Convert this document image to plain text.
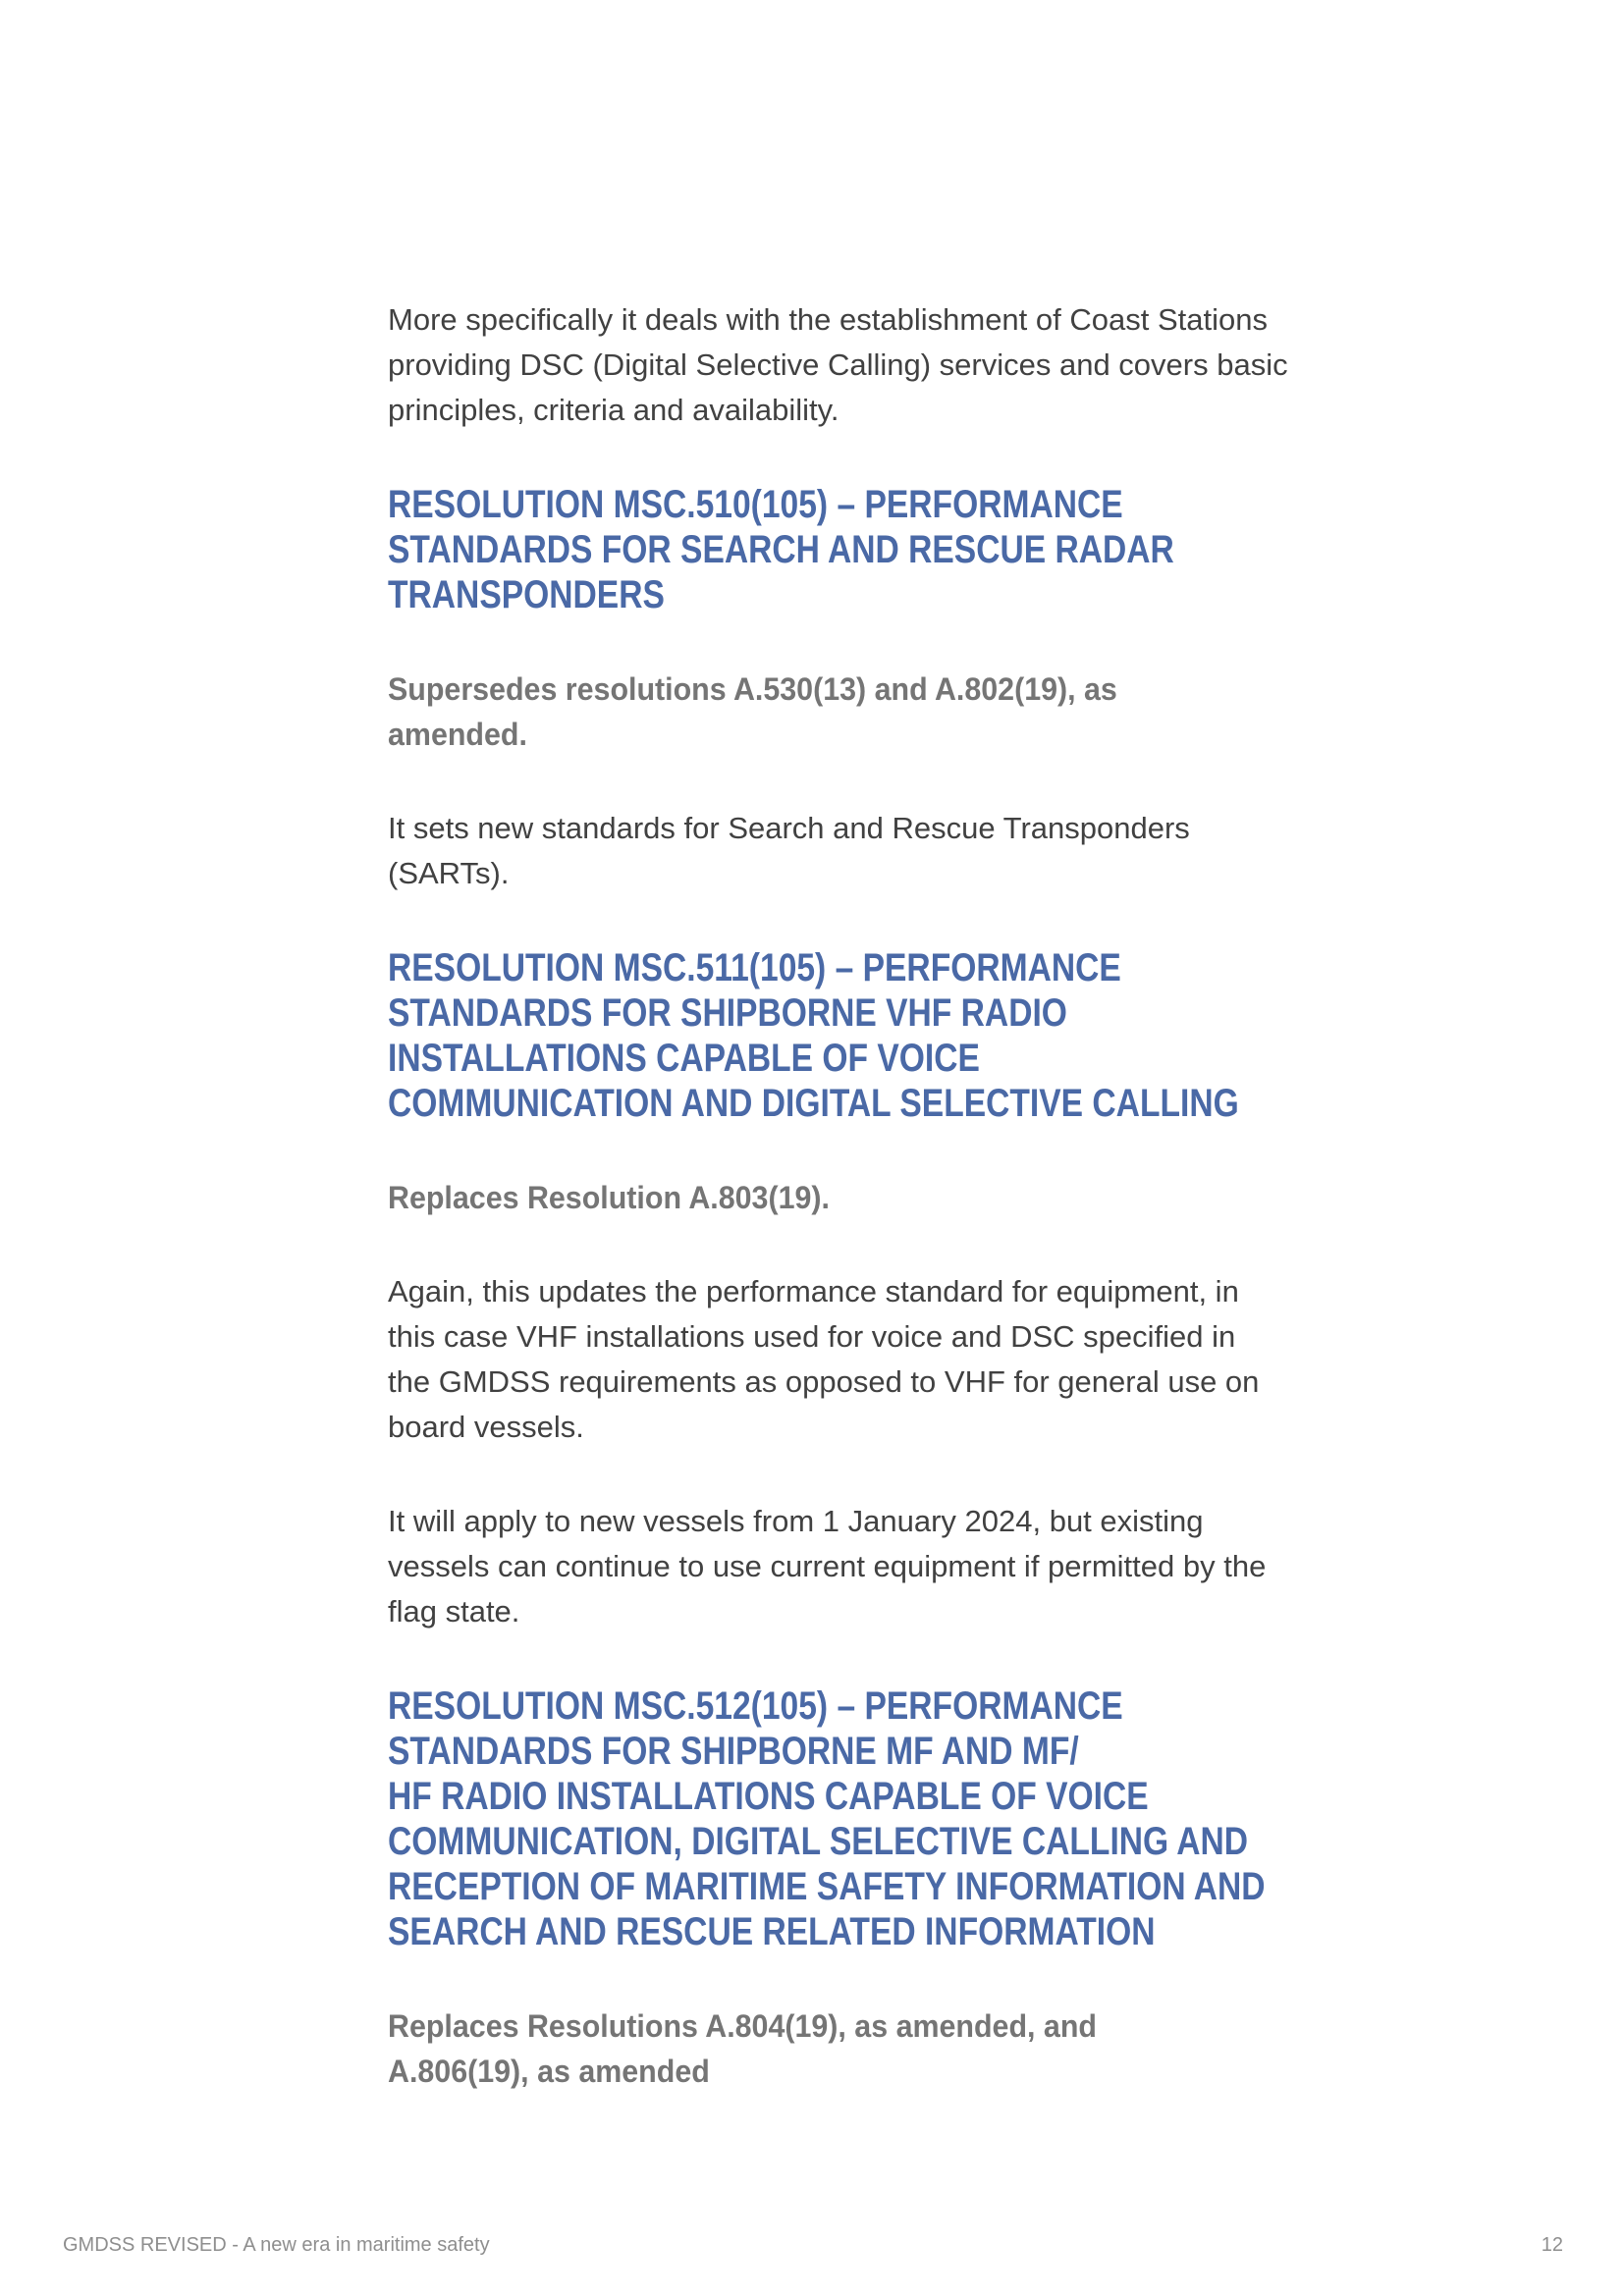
More specifically it deals with the establishment of Coast Stations
providing DSC (Digital Selective Calling) services and covers basic
principles, criteria and availability.
RESOLUTION MSC.510(105) – PERFORMANCE
STANDARDS FOR SEARCH AND RESCUE RADAR
TRANSPONDERS
Supersedes resolutions A.530(13) and A.802(19), as
amended.
It sets new standards for Search and Rescue Transponders
(SARTs).
RESOLUTION MSC.511(105) – PERFORMANCE
STANDARDS FOR SHIPBORNE VHF RADIO
INSTALLATIONS CAPABLE OF VOICE
COMMUNICATION AND DIGITAL SELECTIVE CALLING
Replaces Resolution A.803(19).
Again, this updates the performance standard for equipment, in
this case VHF installations used for voice and DSC specified in
the GMDSS requirements as opposed to VHF for general use on
board vessels.
It will apply to new vessels from 1 January 2024, but existing
vessels can continue to use current equipment if permitted by the
flag state.
RESOLUTION MSC.512(105) – PERFORMANCE
STANDARDS FOR SHIPBORNE MF AND MF/
HF RADIO INSTALLATIONS CAPABLE OF VOICE
COMMUNICATION, DIGITAL SELECTIVE CALLING AND
RECEPTION OF MARITIME SAFETY INFORMATION AND
SEARCH AND RESCUE RELATED INFORMATION
Replaces Resolutions A.804(19), as amended, and
A.806(19), as amended
GMDSS REVISED - A new era in maritime safety	12
